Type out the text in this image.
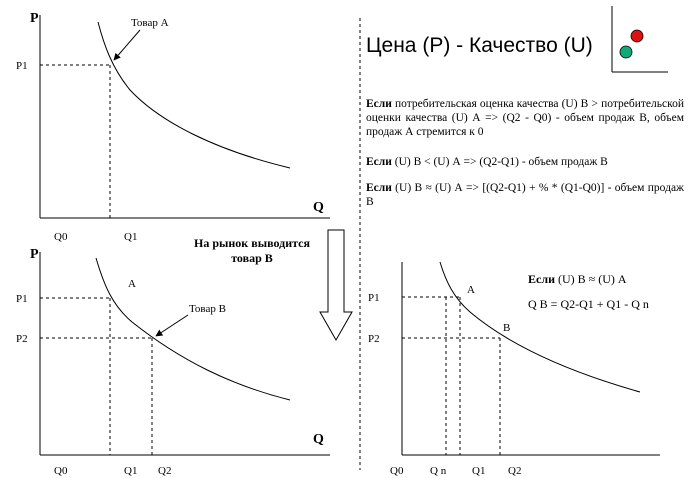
P
Q
P1
Q0	Q1
Товар А
P
Q
P1
P2
A
Товар В
Q0	Q1 Q2
P1
P2
A
B
Q0 Q n Q1 Q2
Цена (P) - Качество (U)
Если потребительская оценка качества (U) В > потребительской оценки качества (U) А => (Q2 - Q0) - объем продаж В, объем продаж А стремится к 0
Если (U) В < (U) А => (Q2-Q1) - объем продаж В
Если (U) В ≈ (U) А => [(Q2-Q1) + % * (Q1-Q0)] - объем продаж В
На рынок выводится товар В
Если (U) В ≈ (U) А
Q В = Q2-Q1 + Q1 - Q n
